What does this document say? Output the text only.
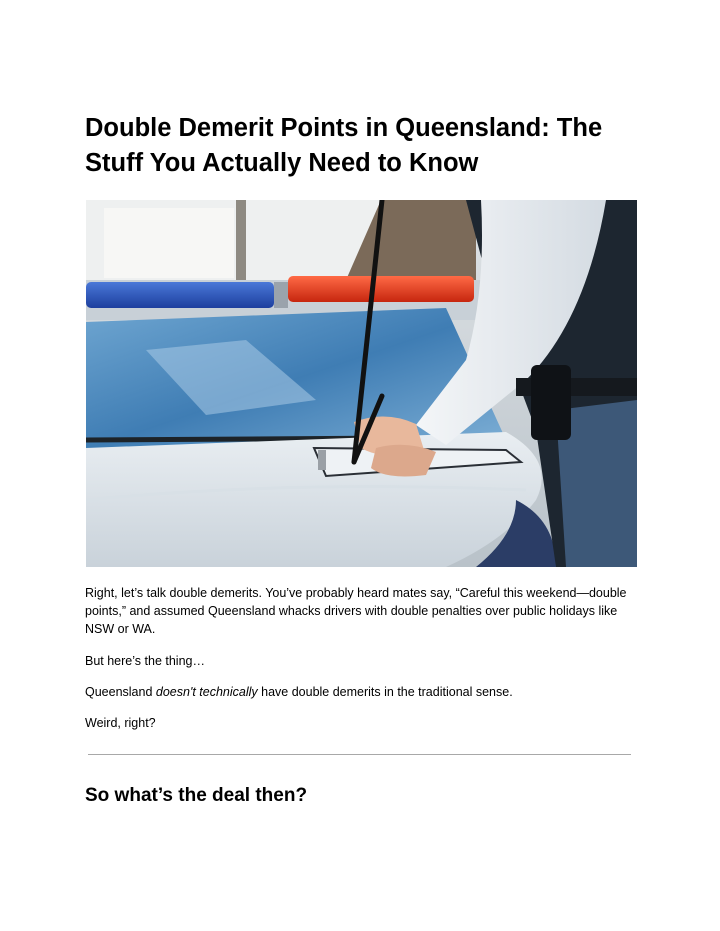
Double Demerit Points in Queensland: The Stuff You Actually Need to Know

Right, let’s talk double demerits. You’ve probably heard mates say, “Careful this weekend—double points,” and assumed Queensland whacks drivers with double penalties over public holidays like NSW or WA.

But here’s the thing…

Queensland doesn't technically have double demerits in the traditional sense.

Weird, right?

So what’s the deal then?
